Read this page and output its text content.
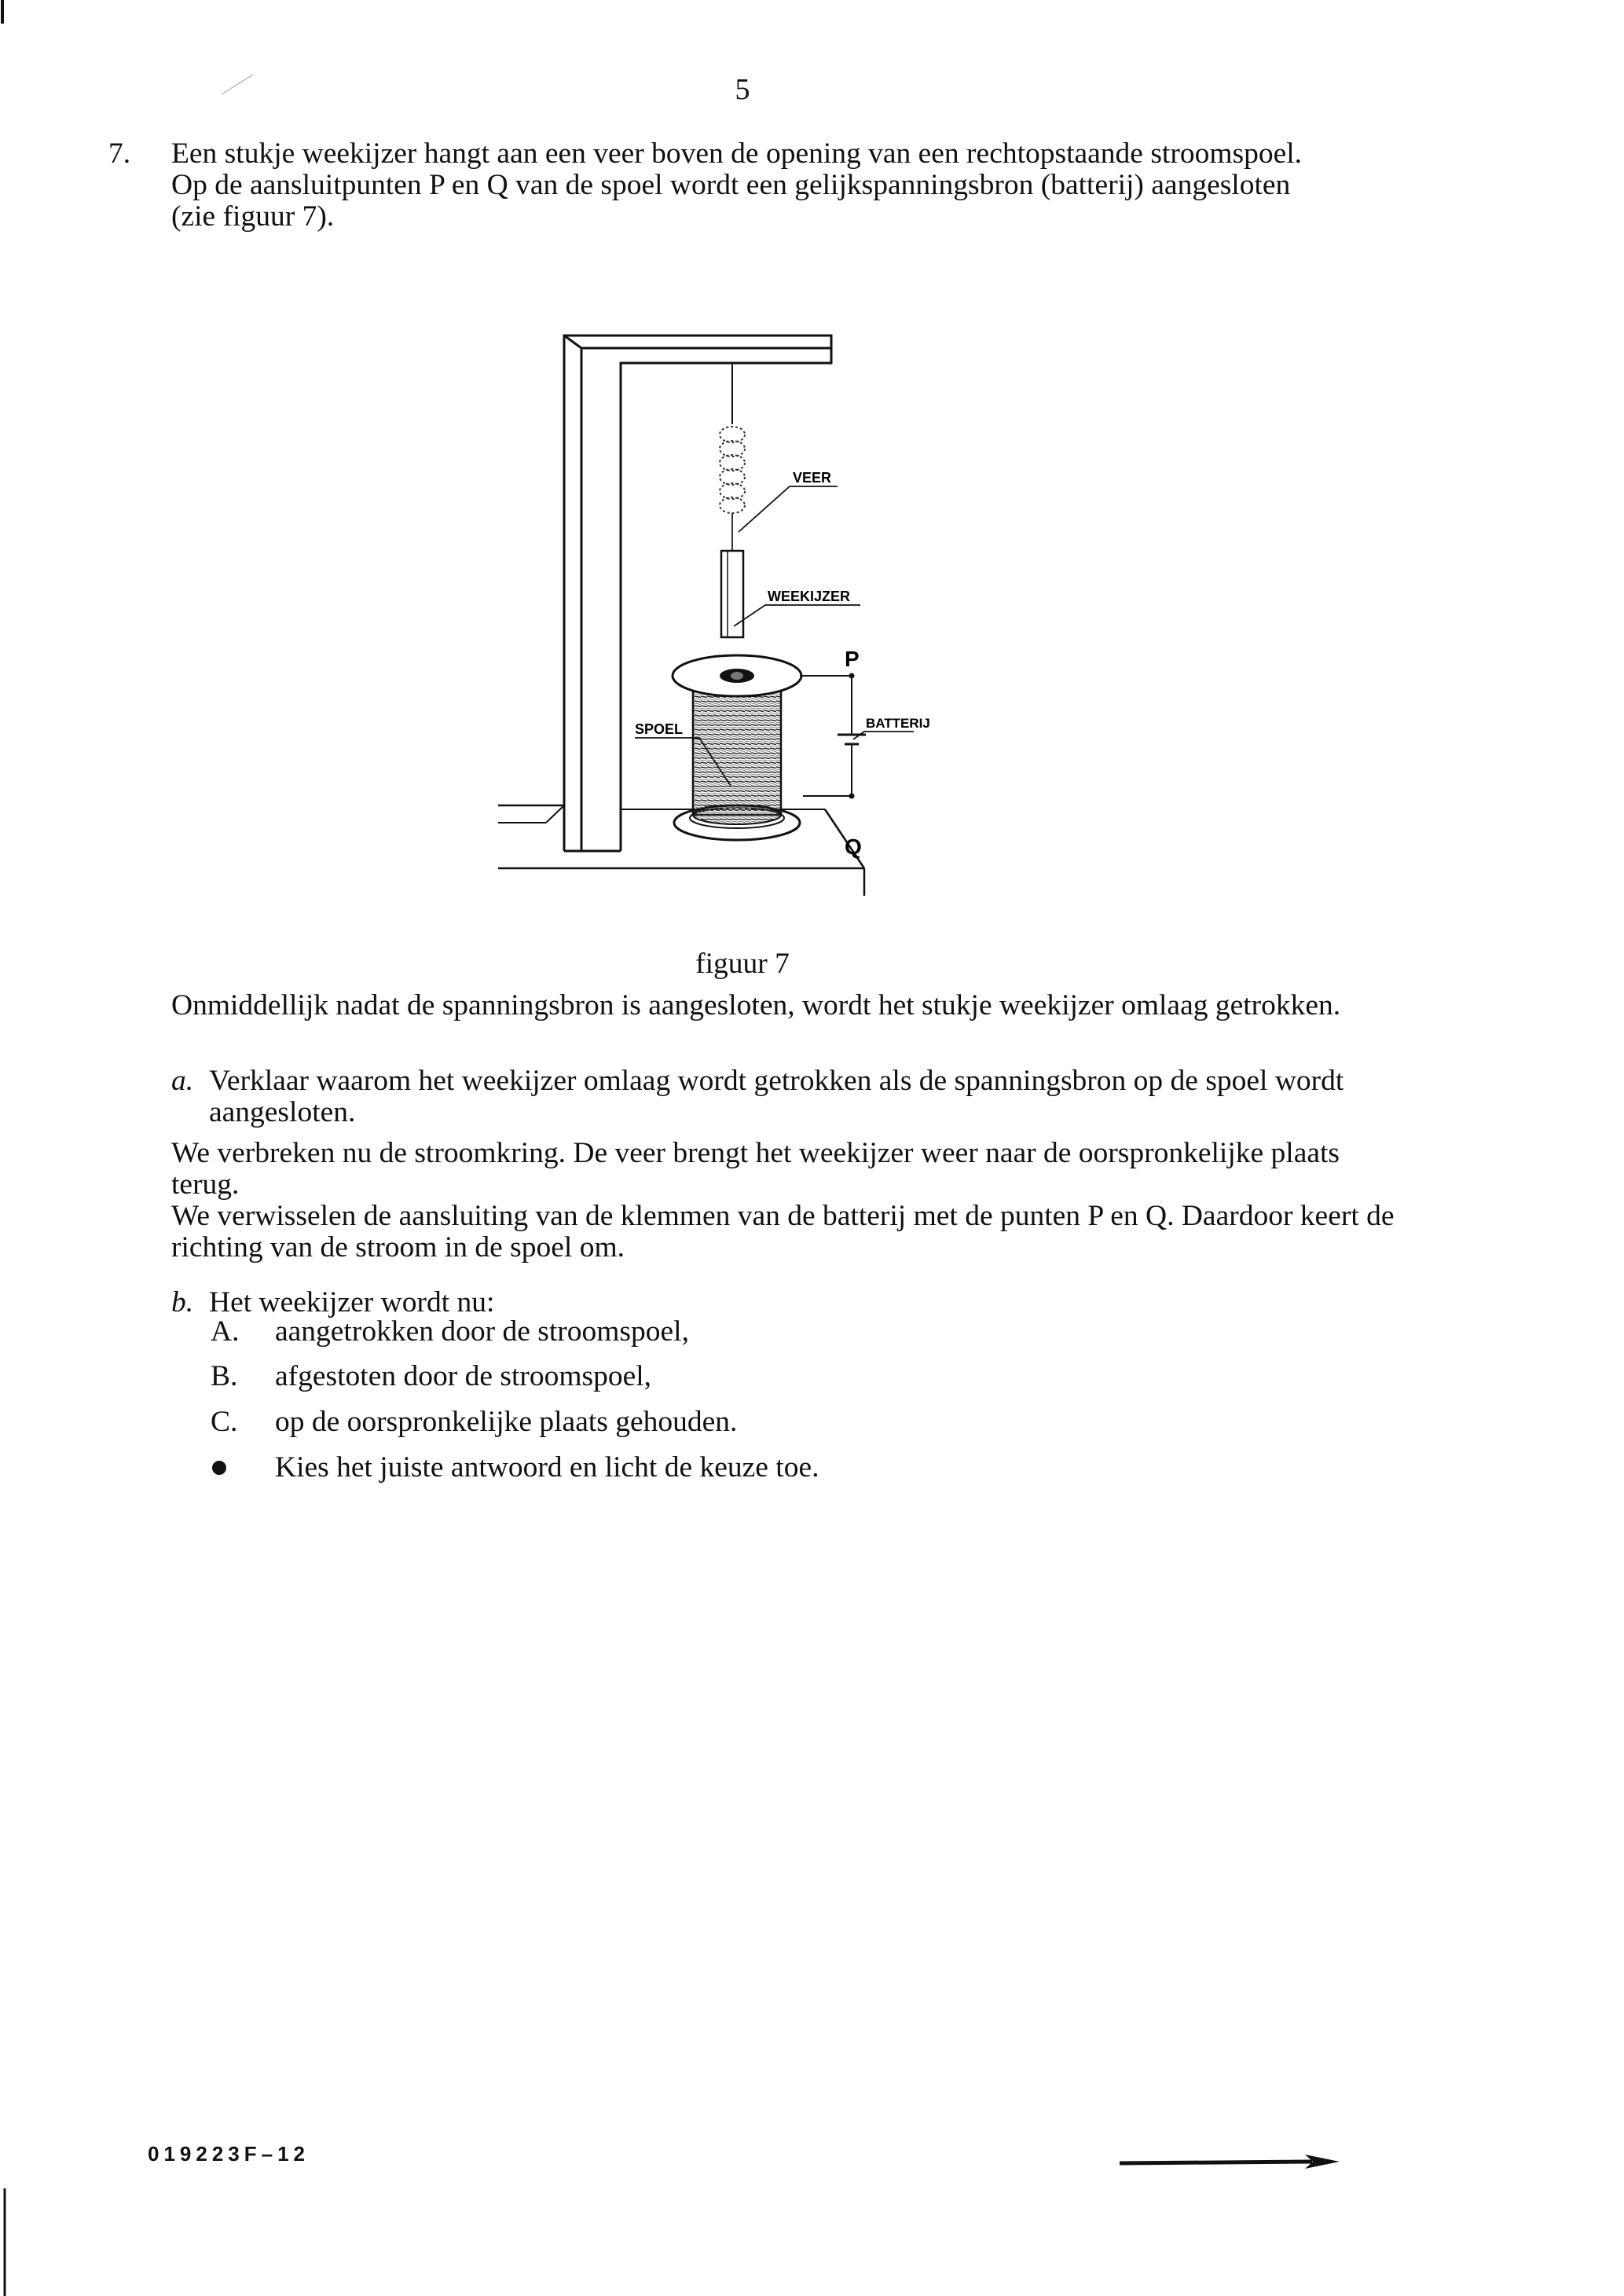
5
7. Een stukje weekijzer hangt aan een veer boven de opening van een rechtopstaande stroomspoel.

Op de aansluitpunten P en Q van de spoel wordt een gelijkspanningsbron (batterij) aangesloten (zie figuur 7).

VEER
WEEKIJZER
SPOEL	BATTERIJ
P
Q
figuur 7

Onmiddellijk nadat de spanningsbron is aangesloten, wordt het stukje weekijzer omlaag getrokken.

a. Verklaar waarom het weekijzer omlaag wordt getrokken als de spanningsbron op de spoel wordt aangesloten.

We verbreken nu de stroomkring. De veer brengt het weekijzer weer naar de oorspronkelijke plaats terug.

We verwisselen de aansluiting van de klemmen van de batterij met de punten P en Q. Daardoor keert de richting van de stroom in de spoel om.

b. Het weekijzer wordt nu:
A. aangetrokken door de stroomspoel,
B. afgestoten door de stroomspoel,
C. op de oorspronkelijke plaats gehouden.
Kies het juiste antwoord en licht de keuze toe.
019223F–12
